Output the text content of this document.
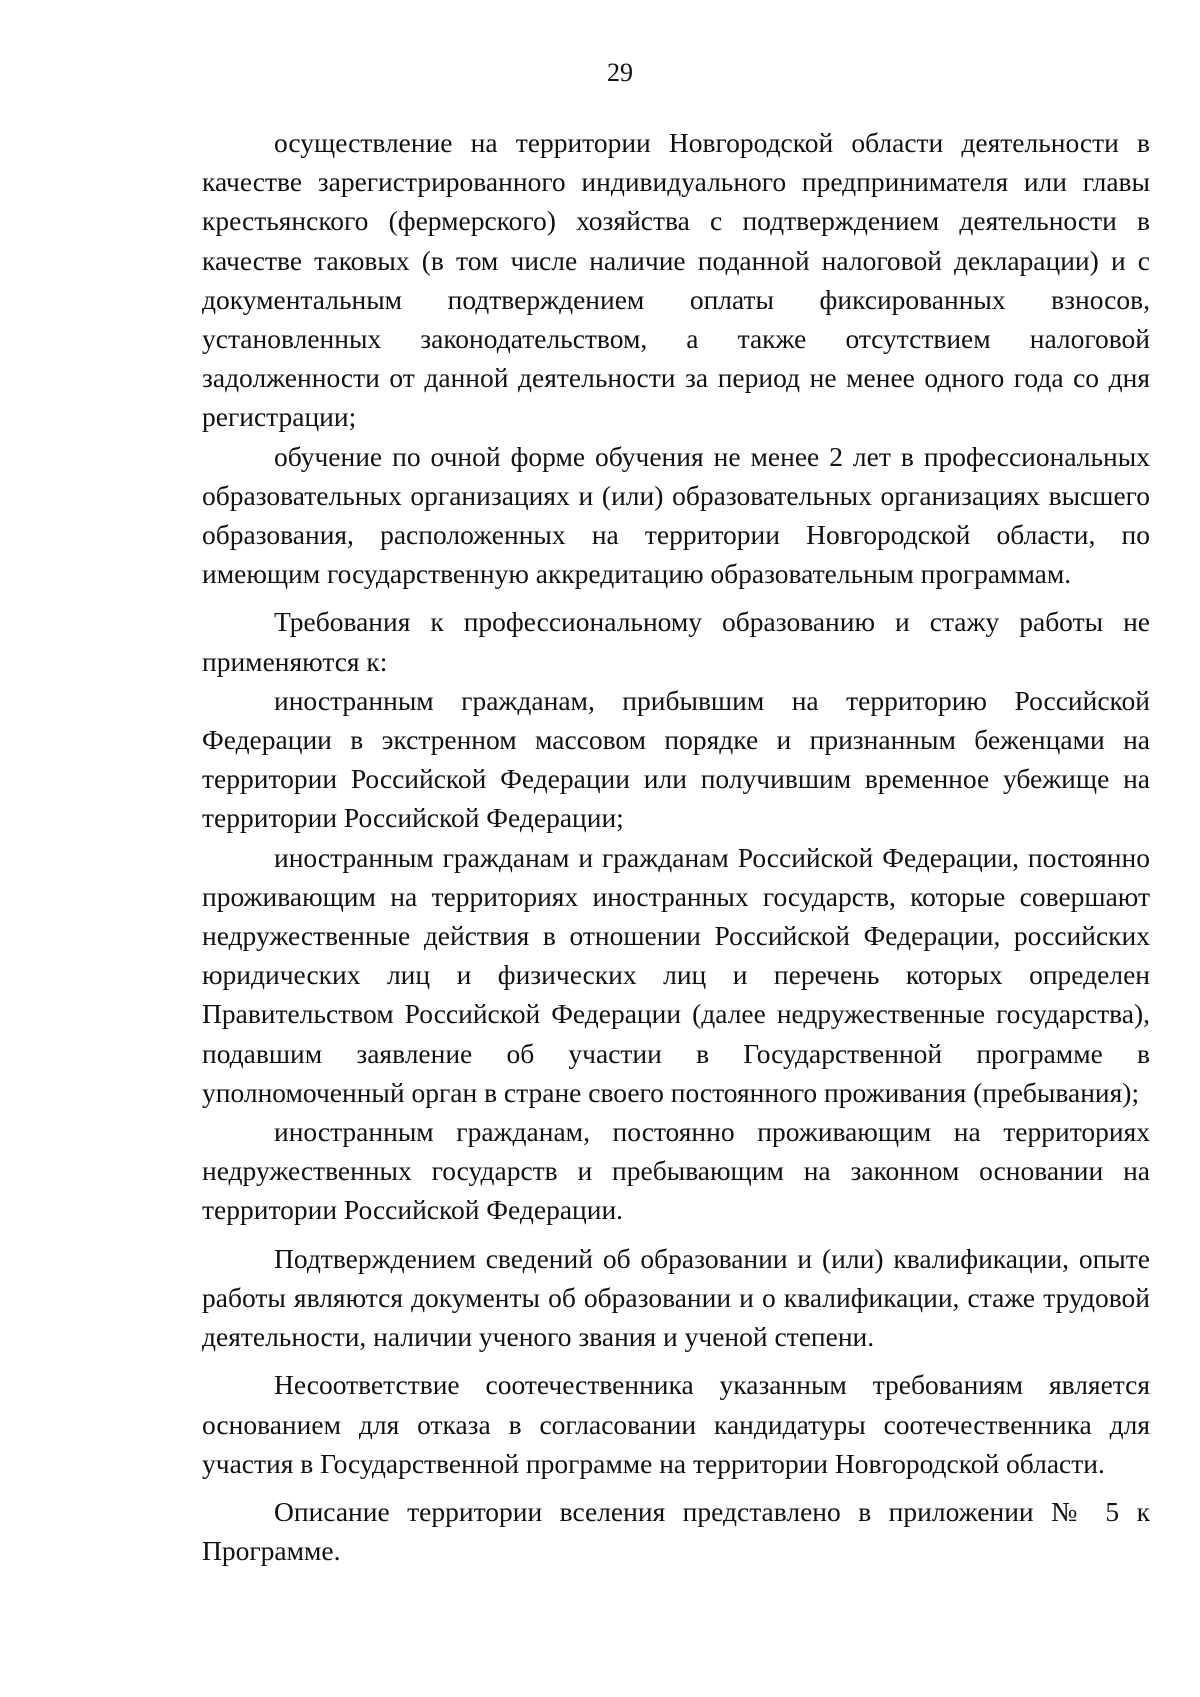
29

осуществление на территории Новгородской области деятельности в качестве зарегистрированного индивидуального предпринимателя или главы крестьянского (фермерского) хозяйства с подтверждением деятельности в качестве таковых (в том числе наличие поданной налоговой декларации) и с документальным подтверждением оплаты фиксированных взносов, установленных законодательством, а также отсутствием налоговой задолженности от данной деятельности за период не менее одного года со дня регистрации;

обучение по очной форме обучения не менее 2 лет в профессиональных образовательных организациях и (или) образовательных организациях высшего образования, расположенных на территории Новгородской области, по имеющим государственную аккредитацию образовательным программам.

Требования к профессиональному образованию и стажу работы не применяются к:

иностранным гражданам, прибывшим на территорию Российской Федерации в экстренном массовом порядке и признанным беженцами на территории Российской Федерации или получившим временное убежище на территории Российской Федерации;

иностранным гражданам и гражданам Российской Федерации, постоянно проживающим на территориях иностранных государств, которые совершают недружественные действия в отношении Российской Федерации, российских юридических лиц и физических лиц и перечень которых определен Правительством Российской Федерации (далее недружественные государства), подавшим заявление об участии в Государственной программе в уполномоченный орган в стране своего постоянного проживания (пребывания);

иностранным гражданам, постоянно проживающим на территориях недружественных государств и пребывающим на законном основании на территории Российской Федерации.

Подтверждением сведений об образовании и (или) квалификации, опыте работы являются документы об образовании и о квалификации, стаже трудовой деятельности, наличии ученого звания и ученой степени.

Несоответствие соотечественника указанным требованиям является основанием для отказа в согласовании кандидатуры соотечественника для участия в Государственной программе на территории Новгородской области.

Описание территории вселения представлено в приложении № 5 к Программе.
